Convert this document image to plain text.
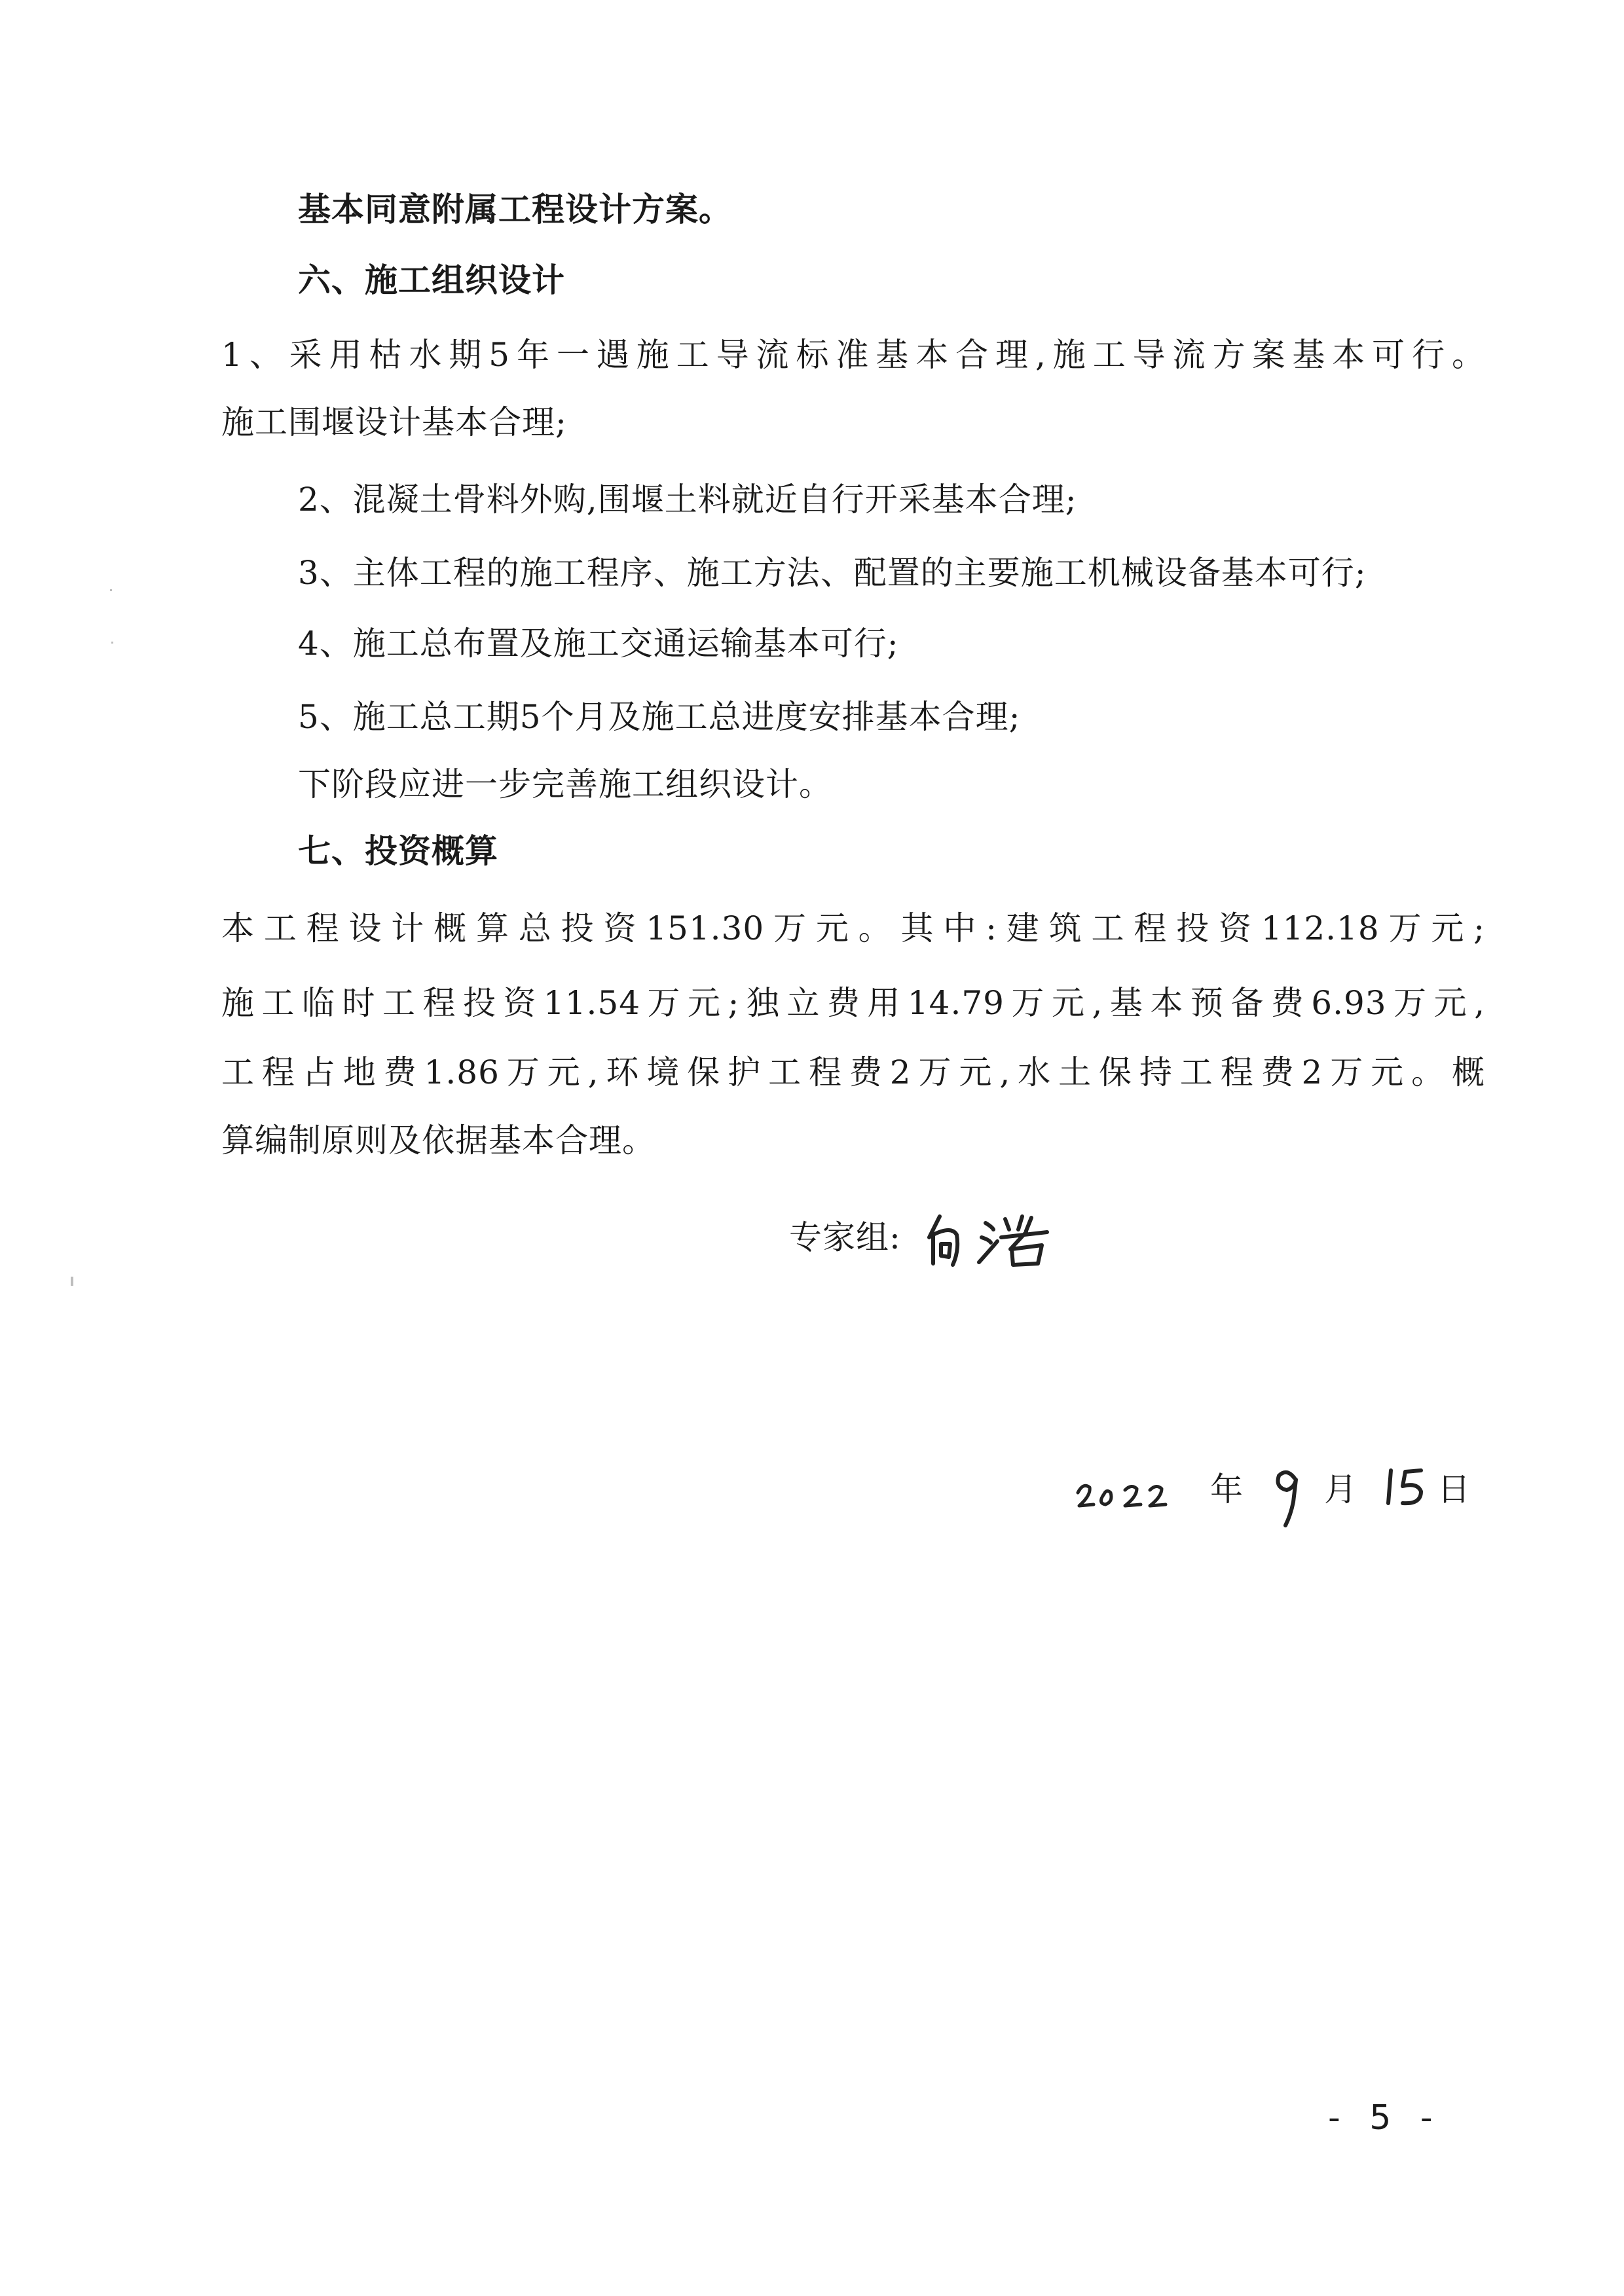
基本同意附属工程设计方案。
六、施工组织设计
1、采用枯水期5年一遇施工导流标准基本合理,施工导流方案基本可行。
施工围堰设计基本合理;
2、混凝土骨料外购,围堰土料就近自行开采基本合理;
3、主体工程的施工程序、施工方法、配置的主要施工机械设备基本可行;
4、施工总布置及施工交通运输基本可行;
5、施工总工期5个月及施工总进度安排基本合理;
下阶段应进一步完善施工组织设计。
七、投资概算
本工程设计概算总投资151.30万元。其中:建筑工程投资112.18万元;
施工临时工程投资11.54万元;独立费用14.79万元,基本预备费6.93万元,
工程占地费1.86万元,环境保护工程费2万元,水土保持工程费2万元。概
算编制原则及依据基本合理。
专家组:
年 月 日
- 5 -
